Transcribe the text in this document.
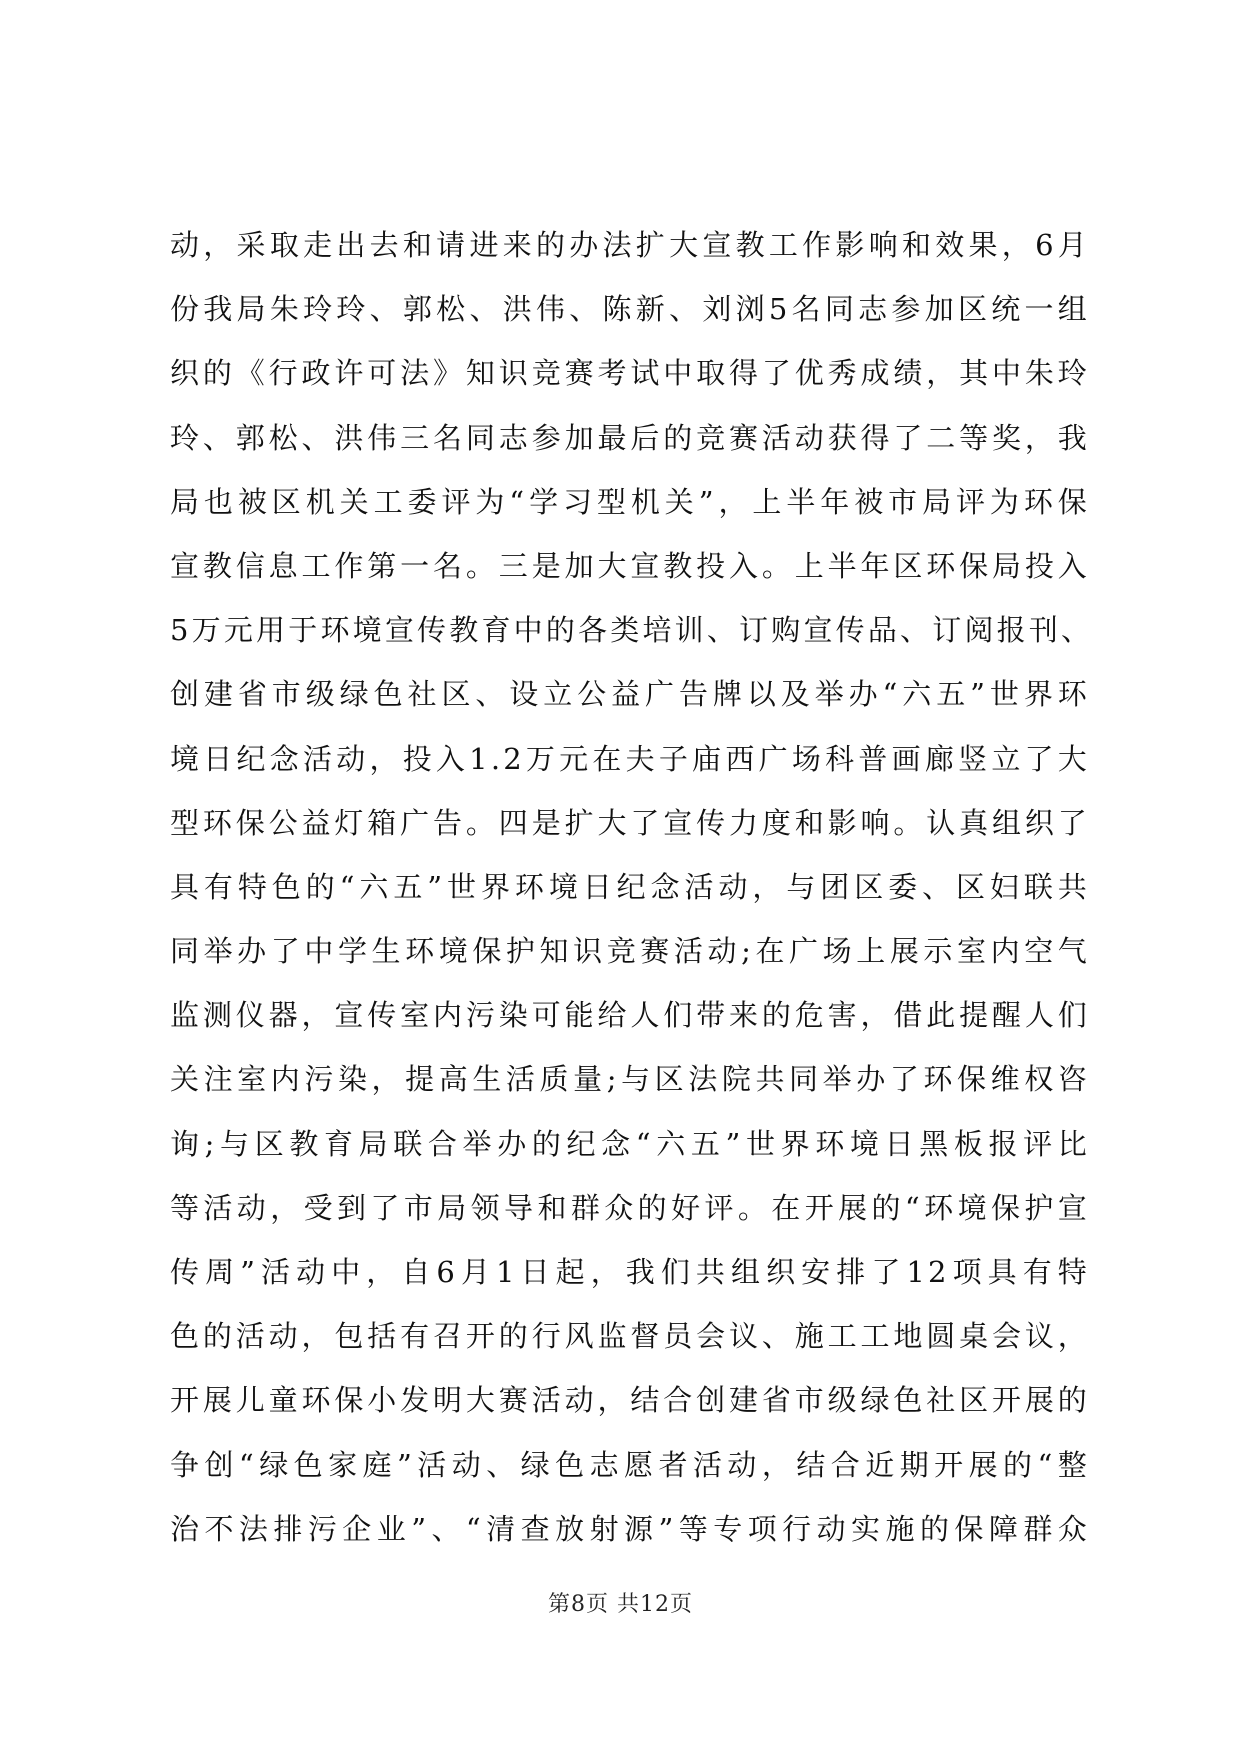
动，采取走出去和请进来的办法扩大宣教工作影响和效果，6月
份我局朱玲玲、郭松、洪伟、陈新、刘浏5名同志参加区统一组
织的《行政许可法》知识竞赛考试中取得了优秀成绩，其中朱玲
玲、郭松、洪伟三名同志参加最后的竞赛活动获得了二等奖，我
局也被区机关工委评为“学习型机关”，上半年被市局评为环保
宣教信息工作第一名。三是加大宣教投入。上半年区环保局投入
5万元用于环境宣传教育中的各类培训、订购宣传品、订阅报刊、
创建省市级绿色社区、设立公益广告牌以及举办“六五”世界环
境日纪念活动，投入1.2万元在夫子庙西广场科普画廊竖立了大
型环保公益灯箱广告。四是扩大了宣传力度和影响。认真组织了
具有特色的“六五”世界环境日纪念活动，与团区委、区妇联共
同举办了中学生环境保护知识竞赛活动;在广场上展示室内空气
监测仪器，宣传室内污染可能给人们带来的危害，借此提醒人们
关注室内污染，提高生活质量;与区法院共同举办了环保维权咨
询;与区教育局联合举办的纪念“六五”世界环境日黑板报评比
等活动，受到了市局领导和群众的好评。在开展的“环境保护宣
传周”活动中，自6月1日起，我们共组织安排了12项具有特
色的活动，包括有召开的行风监督员会议、施工工地圆桌会议，
开展儿童环保小发明大赛活动，结合创建省市级绿色社区开展的
争创“绿色家庭”活动、绿色志愿者活动，结合近期开展的“整
治不法排污企业”、“清查放射源”等专项行动实施的保障群众
第8页 共12页
